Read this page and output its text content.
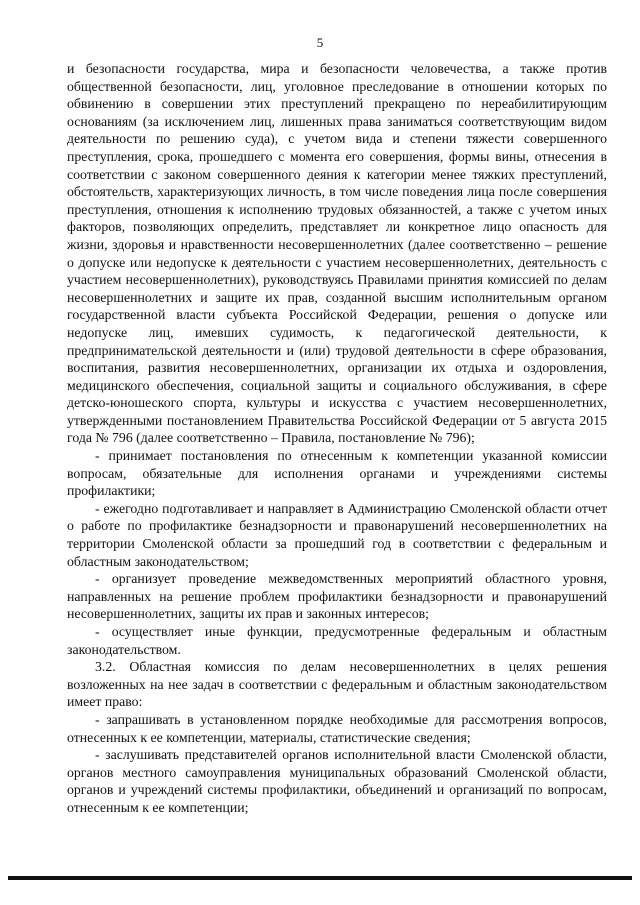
5

и безопасности государства, мира и безопасности человечества, а также против общественной безопасности, лиц, уголовное преследование в отношении которых по обвинению в совершении этих преступлений прекращено по нереабилитирующим основаниям (за исключением лиц, лишенных права заниматься соответствующим видом деятельности по решению суда), с учетом вида и степени тяжести совершенного преступления, срока, прошедшего с момента его совершения, формы вины, отнесения в соответствии с законом совершенного деяния к категории менее тяжких преступлений, обстоятельств, характеризующих личность, в том числе поведения лица после совершения преступления, отношения к исполнению трудовых обязанностей, а также с учетом иных факторов, позволяющих определить, представляет ли конкретное лицо опасность для жизни, здоровья и нравственности несовершеннолетних (далее соответственно – решение о допуске или недопуске к деятельности с участием несовершеннолетних, деятельность с участием несовершеннолетних), руководствуясь Правилами принятия комиссией по делам несовершеннолетних и защите их прав, созданной высшим исполнительным органом государственной власти субъекта Российской Федерации, решения о допуске или недопуске лиц, имевших судимость, к педагогической деятельности, к предпринимательской деятельности и (или) трудовой деятельности в сфере образования, воспитания, развития несовершеннолетних, организации их отдыха и оздоровления, медицинского обеспечения, социальной защиты и социального обслуживания, в сфере детско-юношеского спорта, культуры и искусства с участием несовершеннолетних, утвержденными постановлением Правительства Российской Федерации от 5 августа 2015 года № 796 (далее соответственно – Правила, постановление № 796);

- принимает постановления по отнесенным к компетенции указанной комиссии вопросам, обязательные для исполнения органами и учреждениями системы профилактики;

- ежегодно подготавливает и направляет в Администрацию Смоленской области отчет о работе по профилактике безнадзорности и правонарушений несовершеннолетних на территории Смоленской области за прошедший год в соответствии с федеральным и областным законодательством;

- организует проведение межведомственных мероприятий областного уровня, направленных на решение проблем профилактики безнадзорности и правонарушений несовершеннолетних, защиты их прав и законных интересов;

- осуществляет иные функции, предусмотренные федеральным и областным законодательством.

3.2. Областная комиссия по делам несовершеннолетних в целях решения возложенных на нее задач в соответствии с федеральным и областным законодательством имеет право:

- запрашивать в установленном порядке необходимые для рассмотрения вопросов, отнесенных к ее компетенции, материалы, статистические сведения;

- заслушивать представителей органов исполнительной власти Смоленской области, органов местного самоуправления муниципальных образований Смоленской области, органов и учреждений системы профилактики, объединений и организаций по вопросам, отнесенным к ее компетенции;
